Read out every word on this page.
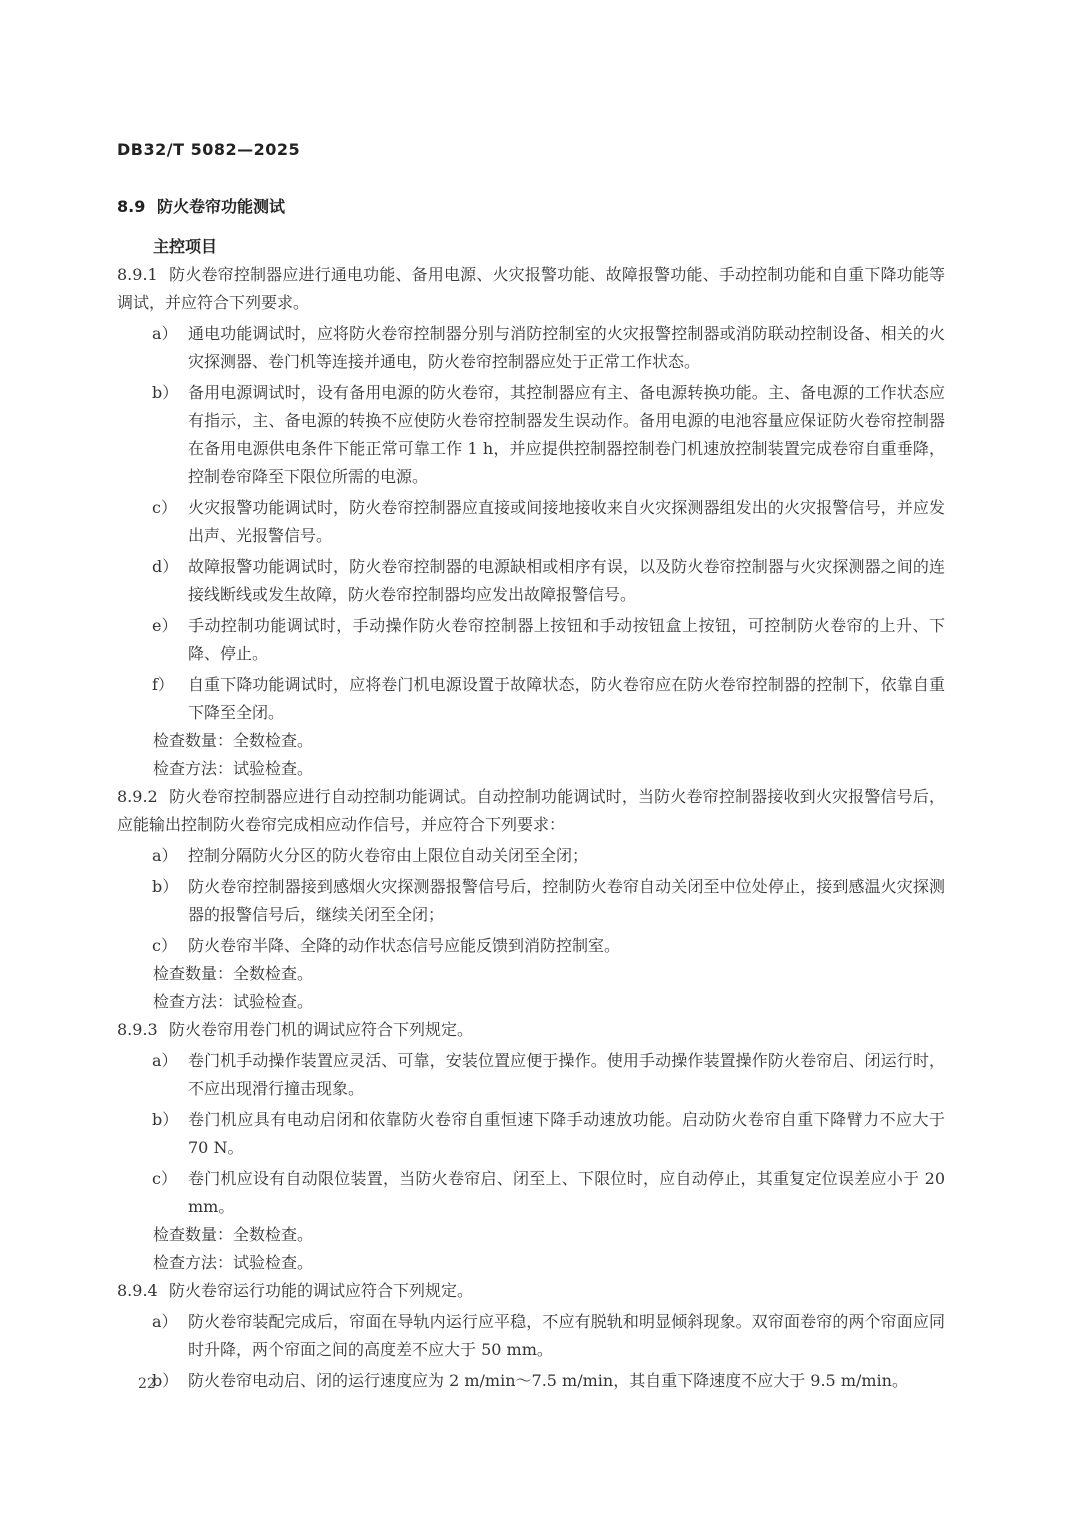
DB32/T 5082—2025
8.9 防火卷帘功能测试
主控项目

8.9.1 防火卷帘控制器应进行通电功能、备用电源、火灾报警功能、故障报警功能、手动控制功能和自重下降功能等调试，并应符合下列要求。

a） 通电功能调试时，应将防火卷帘控制器分别与消防控制室的火灾报警控制器或消防联动控制设备、相关的火灾探测器、卷门机等连接并通电，防火卷帘控制器应处于正常工作状态。
b） 备用电源调试时，设有备用电源的防火卷帘，其控制器应有主、备电源转换功能。主、备电源的工作状态应有指示，主、备电源的转换不应使防火卷帘控制器发生误动作。备用电源的电池容量应保证防火卷帘控制器在备用电源供电条件下能正常可靠工作 1 h，并应提供控制器控制卷门机速放控制装置完成卷帘自重垂降，控制卷帘降至下限位所需的电源。
c） 火灾报警功能调试时，防火卷帘控制器应直接或间接地接收来自火灾探测器组发出的火灾报警信号，并应发出声、光报警信号。
d） 故障报警功能调试时，防火卷帘控制器的电源缺相或相序有误，以及防火卷帘控制器与火灾探测器之间的连接线断线或发生故障，防火卷帘控制器均应发出故障报警信号。
e） 手动控制功能调试时，手动操作防火卷帘控制器上按钮和手动按钮盒上按钮，可控制防火卷帘的上升、下降、停止。
f） 自重下降功能调试时，应将卷门机电源设置于故障状态，防火卷帘应在防火卷帘控制器的控制下，依靠自重下降至全闭。
检查数量：全数检查。
检查方法：试验检查。

8.9.2 防火卷帘控制器应进行自动控制功能调试。自动控制功能调试时，当防火卷帘控制器接收到火灾报警信号后，应能输出控制防火卷帘完成相应动作信号，并应符合下列要求：

a） 控制分隔防火分区的防火卷帘由上限位自动关闭至全闭；
b） 防火卷帘控制器接到感烟火灾探测器报警信号后，控制防火卷帘自动关闭至中位处停止，接到感温火灾探测器的报警信号后，继续关闭至全闭；
c） 防火卷帘半降、全降的动作状态信号应能反馈到消防控制室。
检查数量：全数检查。
检查方法：试验检查。

8.9.3 防火卷帘用卷门机的调试应符合下列规定。

a） 卷门机手动操作装置应灵活、可靠，安装位置应便于操作。使用手动操作装置操作防火卷帘启、闭运行时，不应出现滑行撞击现象。
b） 卷门机应具有电动启闭和依靠防火卷帘自重恒速下降手动速放功能。启动防火卷帘自重下降臂力不应大于 70 N。
c） 卷门机应设有自动限位装置，当防火卷帘启、闭至上、下限位时，应自动停止，其重复定位误差应小于 20 mm。
检查数量：全数检查。
检查方法：试验检查。

8.9.4 防火卷帘运行功能的调试应符合下列规定。

a） 防火卷帘装配完成后，帘面在导轨内运行应平稳，不应有脱轨和明显倾斜现象。双帘面卷帘的两个帘面应同时升降，两个帘面之间的高度差不应大于 50 mm。
b） 防火卷帘电动启、闭的运行速度应为 2 m/min～7.5 m/min，其自重下降速度不应大于 9.5 m/min。
22
